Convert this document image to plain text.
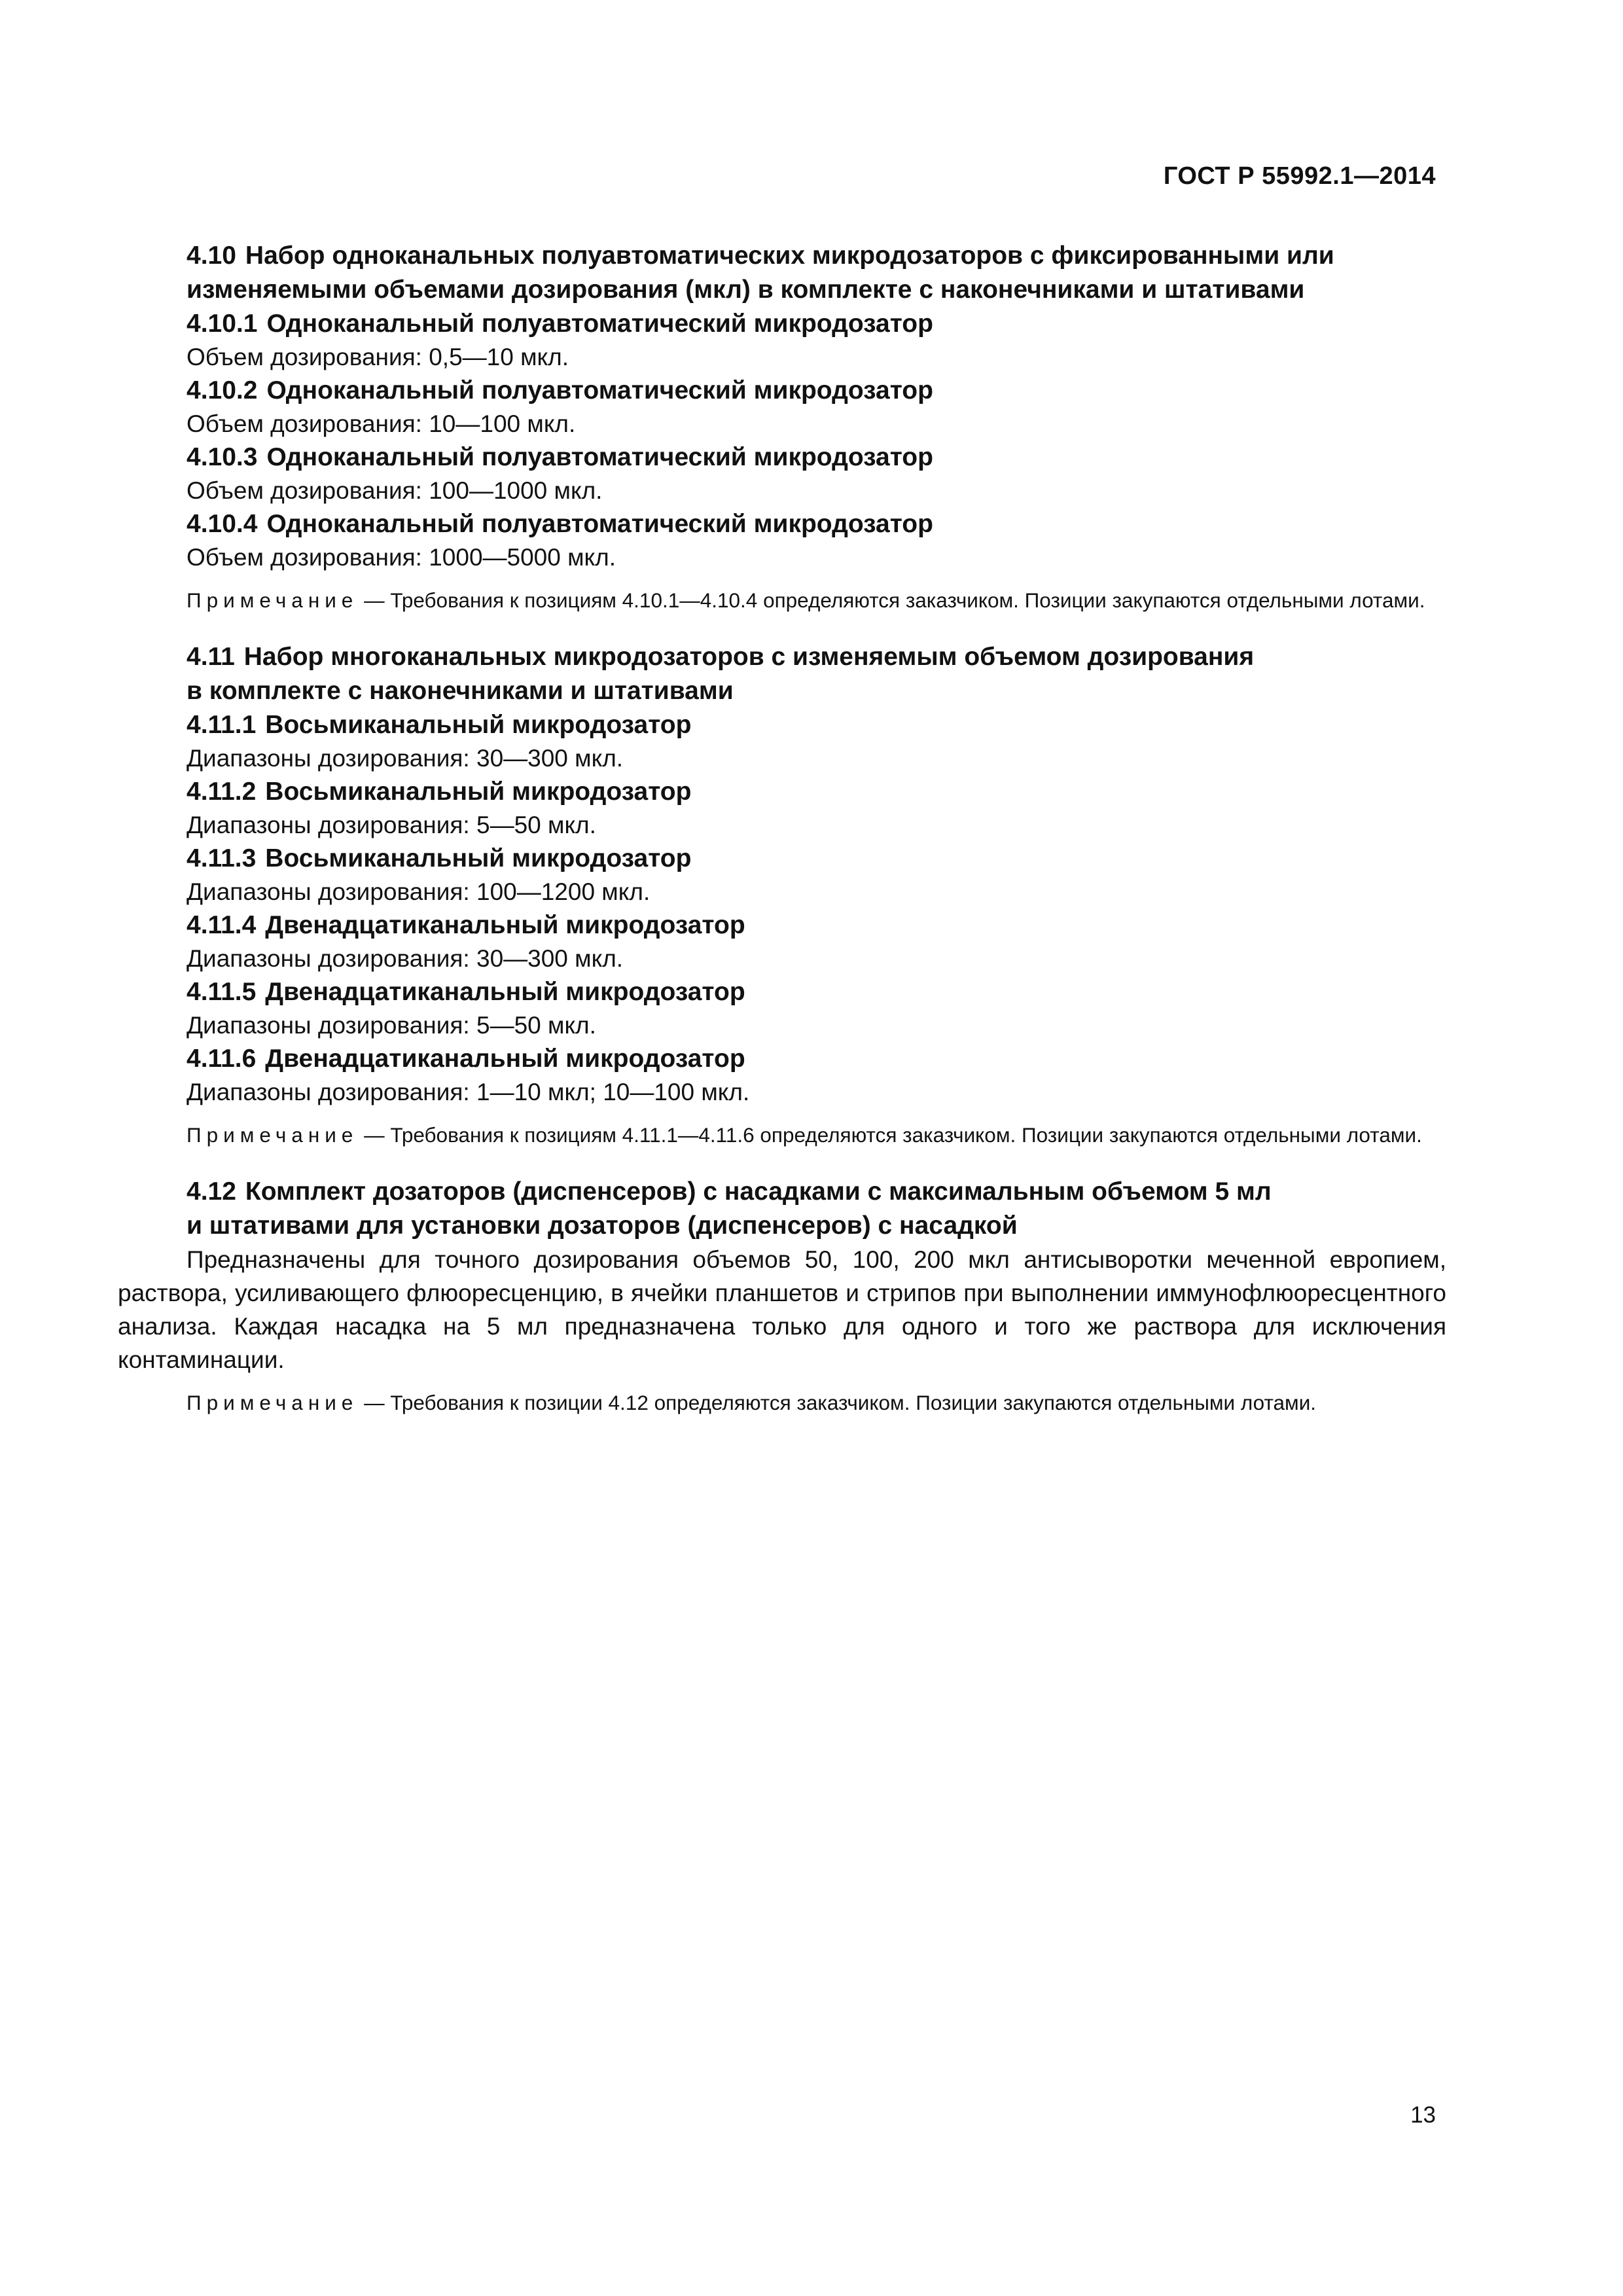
ГОСТ Р 55992.1—2014
4.10 Набор одноканальных полуавтоматических микродозаторов с фиксированными или изменяемыми объемами дозирования (мкл) в комплекте с наконечниками и штативами
4.10.1 Одноканальный полуавтоматический микродозатор
Объем дозирования: 0,5—10 мкл.
4.10.2 Одноканальный полуавтоматический микродозатор
Объем дозирования: 10—100 мкл.
4.10.3 Одноканальный полуавтоматический микродозатор
Объем дозирования: 100—1000 мкл.
4.10.4 Одноканальный полуавтоматический микродозатор
Объем дозирования: 1000—5000 мкл.
Примечание — Требования к позициям 4.10.1—4.10.4 определяются заказчиком. Позиции закупаются отдельными лотами.
4.11 Набор многоканальных микродозаторов с изменяемым объемом дозирования
в комплекте с наконечниками и штативами
4.11.1 Восьмиканальный микродозатор
Диапазоны дозирования: 30—300 мкл.
4.11.2 Восьмиканальный микродозатор
Диапазоны дозирования: 5—50 мкл.
4.11.3 Восьмиканальный микродозатор
Диапазоны дозирования: 100—1200 мкл.
4.11.4 Двенадцатиканальный микродозатор
Диапазоны дозирования: 30—300 мкл.
4.11.5 Двенадцатиканальный микродозатор
Диапазоны дозирования: 5—50 мкл.
4.11.6 Двенадцатиканальный микродозатор
Диапазоны дозирования: 1—10 мкл; 10—100 мкл.
Примечание — Требования к позициям 4.11.1—4.11.6 определяются заказчиком. Позиции закупаются отдельными лотами.
4.12 Комплект дозаторов (диспенсеров) с насадками с максимальным объемом 5 мл
и штативами для установки дозаторов (диспенсеров) с насадкой
Предназначены для точного дозирования объемов 50, 100, 200 мкл антисыворотки меченной европием, раствора, усиливающего флюоресценцию, в ячейки планшетов и стрипов при выполнении иммунофлюоресцентного анализа. Каждая насадка на 5 мл предназначена только для одного и того же раствора для исключения контаминации.
Примечание — Требования к позиции 4.12 определяются заказчиком. Позиции закупаются отдельными лотами.
13
